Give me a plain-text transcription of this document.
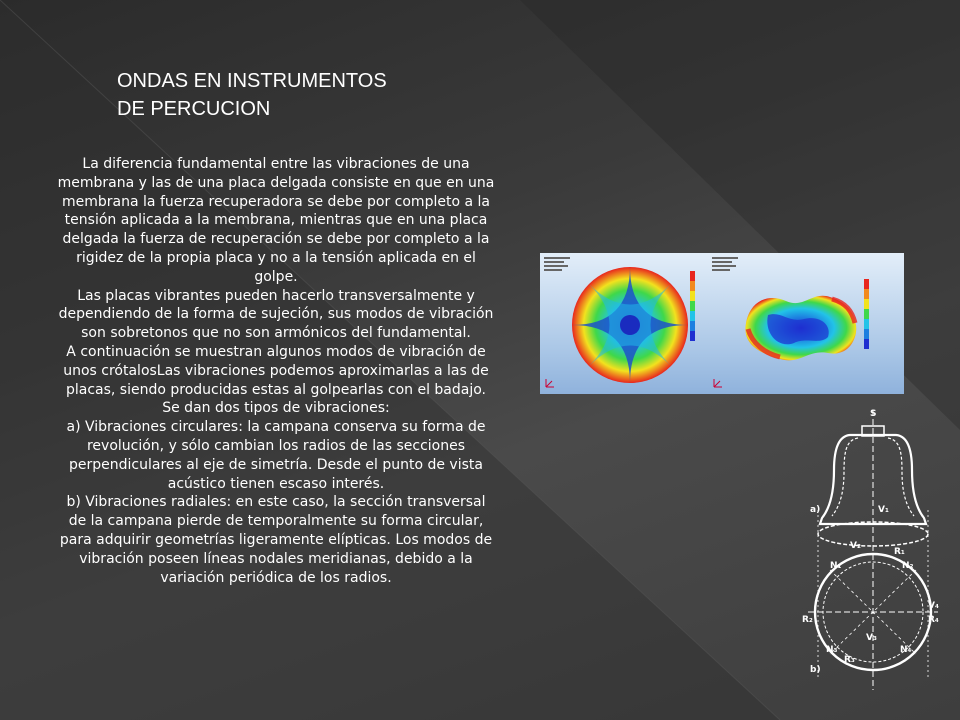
ONDAS EN INSTRUMENTOS
DE PERCUCION

La diferencia fundamental entre las vibraciones de una membrana y las de una placa delgada consiste en que en una membrana la fuerza recuperadora se debe por completo a la tensión aplicada a la membrana, mientras que en una placa delgada la fuerza de recuperación se debe por completo a la rigidez de la propia placa y no a la tensión aplicada en el golpe.

Las placas vibrantes pueden hacerlo transversalmente y dependiendo de la forma de sujeción, sus modos de vibración son sobretonos que no son armónicos del fundamental.

A continuación se muestran algunos modos de vibración de unos crótalosLas vibraciones podemos aproximarlas a las de placas, siendo producidas estas al golpearlas con el badajo. Se dan dos tipos de vibraciones:

a) Vibraciones circulares: la campana conserva su forma de revolución, y sólo cambian los radios de las secciones perpendiculares al eje de simetría. Desde el punto de vista acústico tienen escaso interés.

b) Vibraciones radiales: en este caso, la sección transversal de la campana pierde de temporalmente su forma circular, para adquirir geometrías ligeramente elípticas. Los modos de vibración poseen líneas nodales meridianas, debido a la variación periódica de los radios.

S
V₁
V₂
V₃
R₁
R₂
R₃
R₄
N₁	N₂
N₃	N₄
V₄
a)
b)
